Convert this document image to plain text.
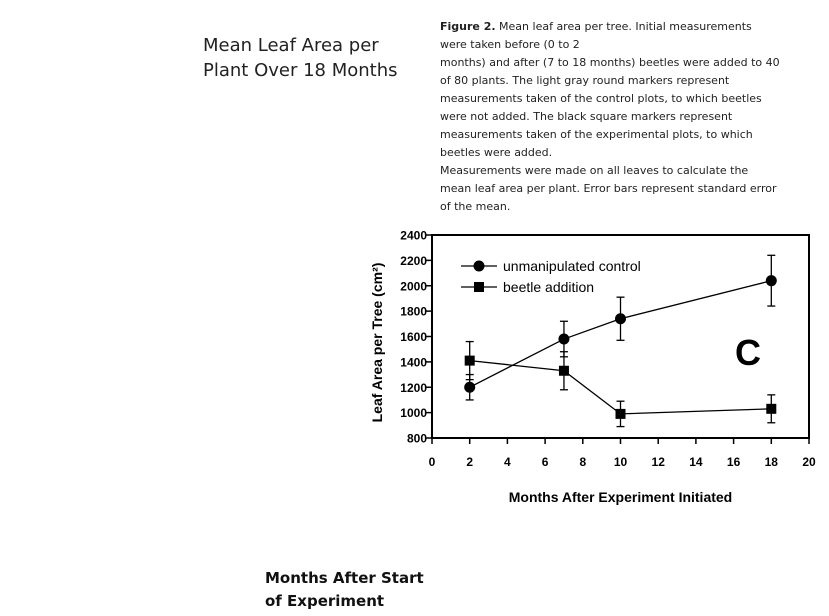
Mean Leaf Area per
Plant Over 18 Months
Figure 2. Mean leaf area per tree. Initial measurements were taken before (0 to 2
months) and after (7 to 18 months) beetles were added to 40 of 80 plants. The light gray round markers represent measurements taken of the control plots, to which beetles were not added. The black square markers represent measurements taken of the experimental plots, to which beetles were added.
Measurements were made on all leaves to calculate the mean leaf area per plant. Error bars represent standard error of the mean.
800
1000
1200
1400
1600
1800
2000
2200
2400
0	2	4	6	8 10 12 14 16 18 20
Months After Experiment Initiated
Leaf Area per Tree (cm²)	C
unmanipulated control
beetle addition
Months After Start
of Experiment
